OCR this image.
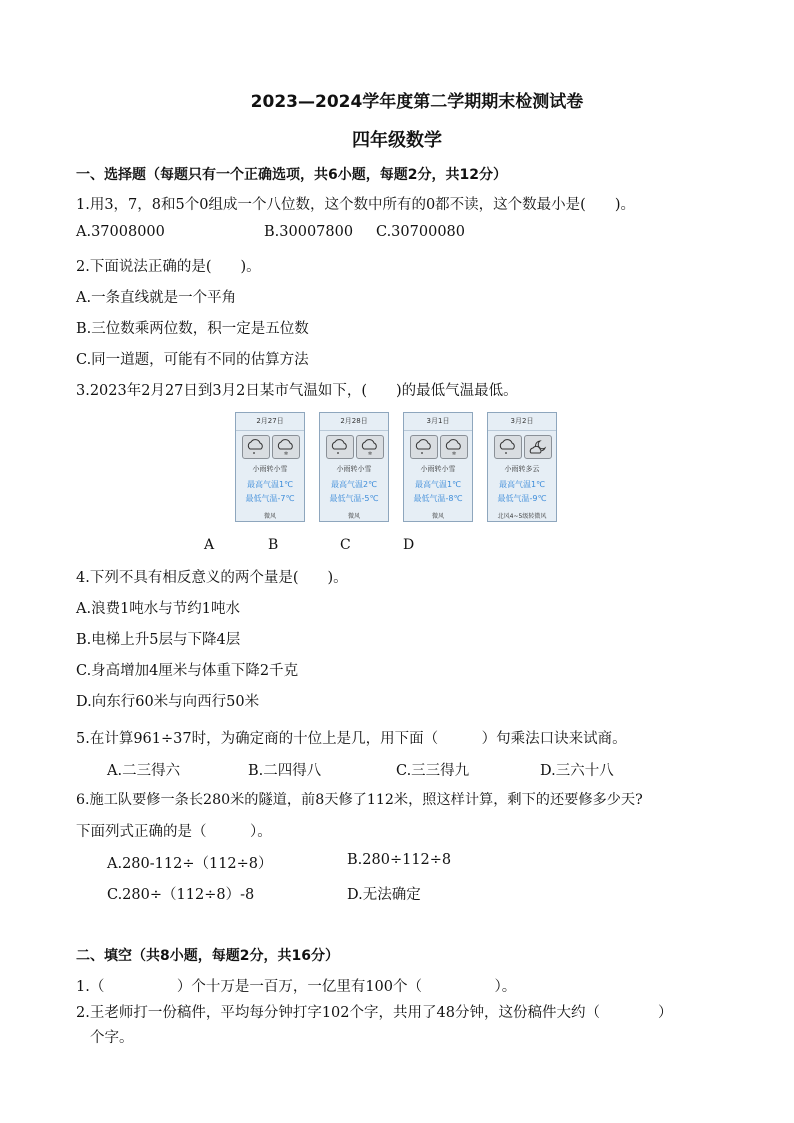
2023—2024学年度第二学期期末检测试卷
四年级数学
一、选择题（每题只有一个正确选项，共6小题，每题2分，共12分）
1.用3，7，8和5个0组成一个八位数，这个数中所有的0都不读，这个数最小是(　　)。
A.37008000	B.30007800 C.30700080
2.下面说法正确的是(　　)。
A.一条直线就是一个平角
B.三位数乘两位数，积一定是五位数
C.同一道题，可能有不同的估算方法
3.2023年2月27日到3月2日某市气温如下，(　　)的最低气温最低。
2月27日
✲
小雨转小雪
最高气温1℃
最低气温-7℃
微风
2月28日
✲
小雨转小雪
最高气温2℃
最低气温-5℃
微风
3月1日
✲
小雨转小雪
最高气温1℃
最低气温-8℃
微风
3月2日
小雨转多云
最高气温1℃
最低气温-9℃
北风4~5级转微风
A	B	C	D
4.下列不具有相反意义的两个量是(　　)。
A.浪费1吨水与节约1吨水
B.电梯上升5层与下降4层
C.身高增加4厘米与体重下降2千克
D.向东行60米与向西行50米
5.在计算961÷37时，为确定商的十位上是几，用下面（　　　）句乘法口诀来试商。
A.二三得六	B.二四得八	C.三三得九	D.三六十八
6.施工队要修一条长280米的隧道，前8天修了112米，照这样计算，剩下的还要修多少天?
下面列式正确的是（　　　）。
A.280-112÷（112÷8）	B.280÷112÷8
C.280÷（112÷8）-8	D.无法确定
二、填空（共8小题，每题2分，共16分）
1.（　　　　　）个十万是一百万，一亿里有100个（　　　　　）。
2.王老师打一份稿件，平均每分钟打字102个字，共用了48分钟，这份稿件大约（　　　　）
个字。
